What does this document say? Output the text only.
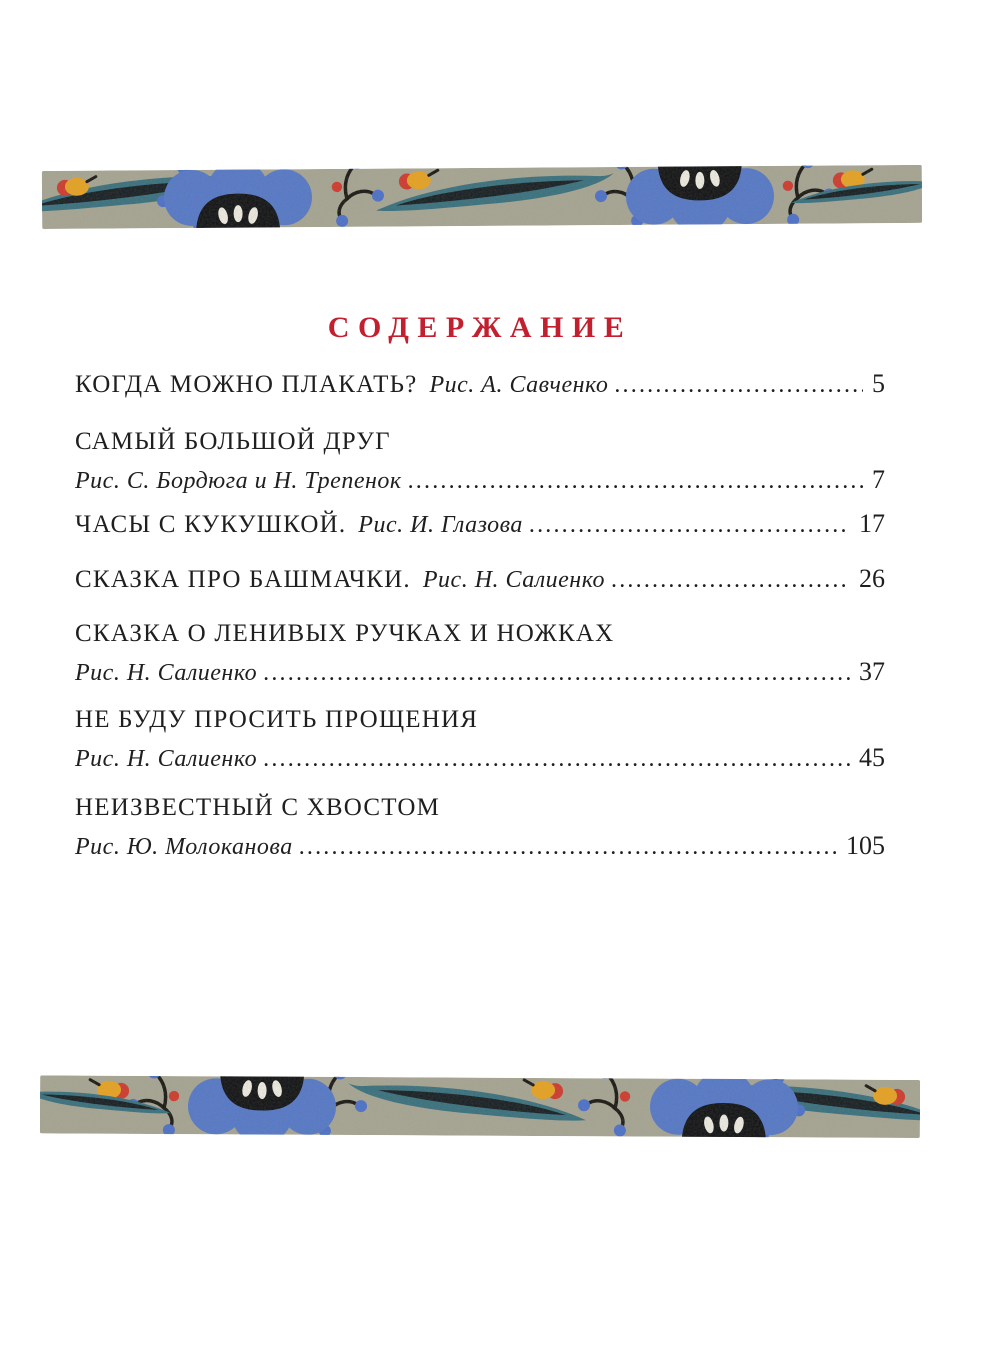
СОДЕРЖАНИЕ
КОГДА МОЖНО ПЛАКАТЬ? Рис. А. Савченко .....	5
САМЫЙ БОЛЬШОЙ ДРУГ
Рис. С. Бордюга и Н. Трепенок .....	7
ЧАСЫ С КУКУШКОЙ. Рис. И. Глазова .....	17
СКАЗКА ПРО БАШМАЧКИ. Рис. Н. Салиенко .....	26
СКАЗКА О ЛЕНИВЫХ РУЧКАХ И НОЖКАХ
Рис. Н. Салиенко .....	37
НЕ БУДУ ПРОСИТЬ ПРОЩЕНИЯ
Рис. Н. Салиенко .....	45
НЕИЗВЕСТНЫЙ С ХВОСТОМ
Рис. Ю. Молоканова .....	105
